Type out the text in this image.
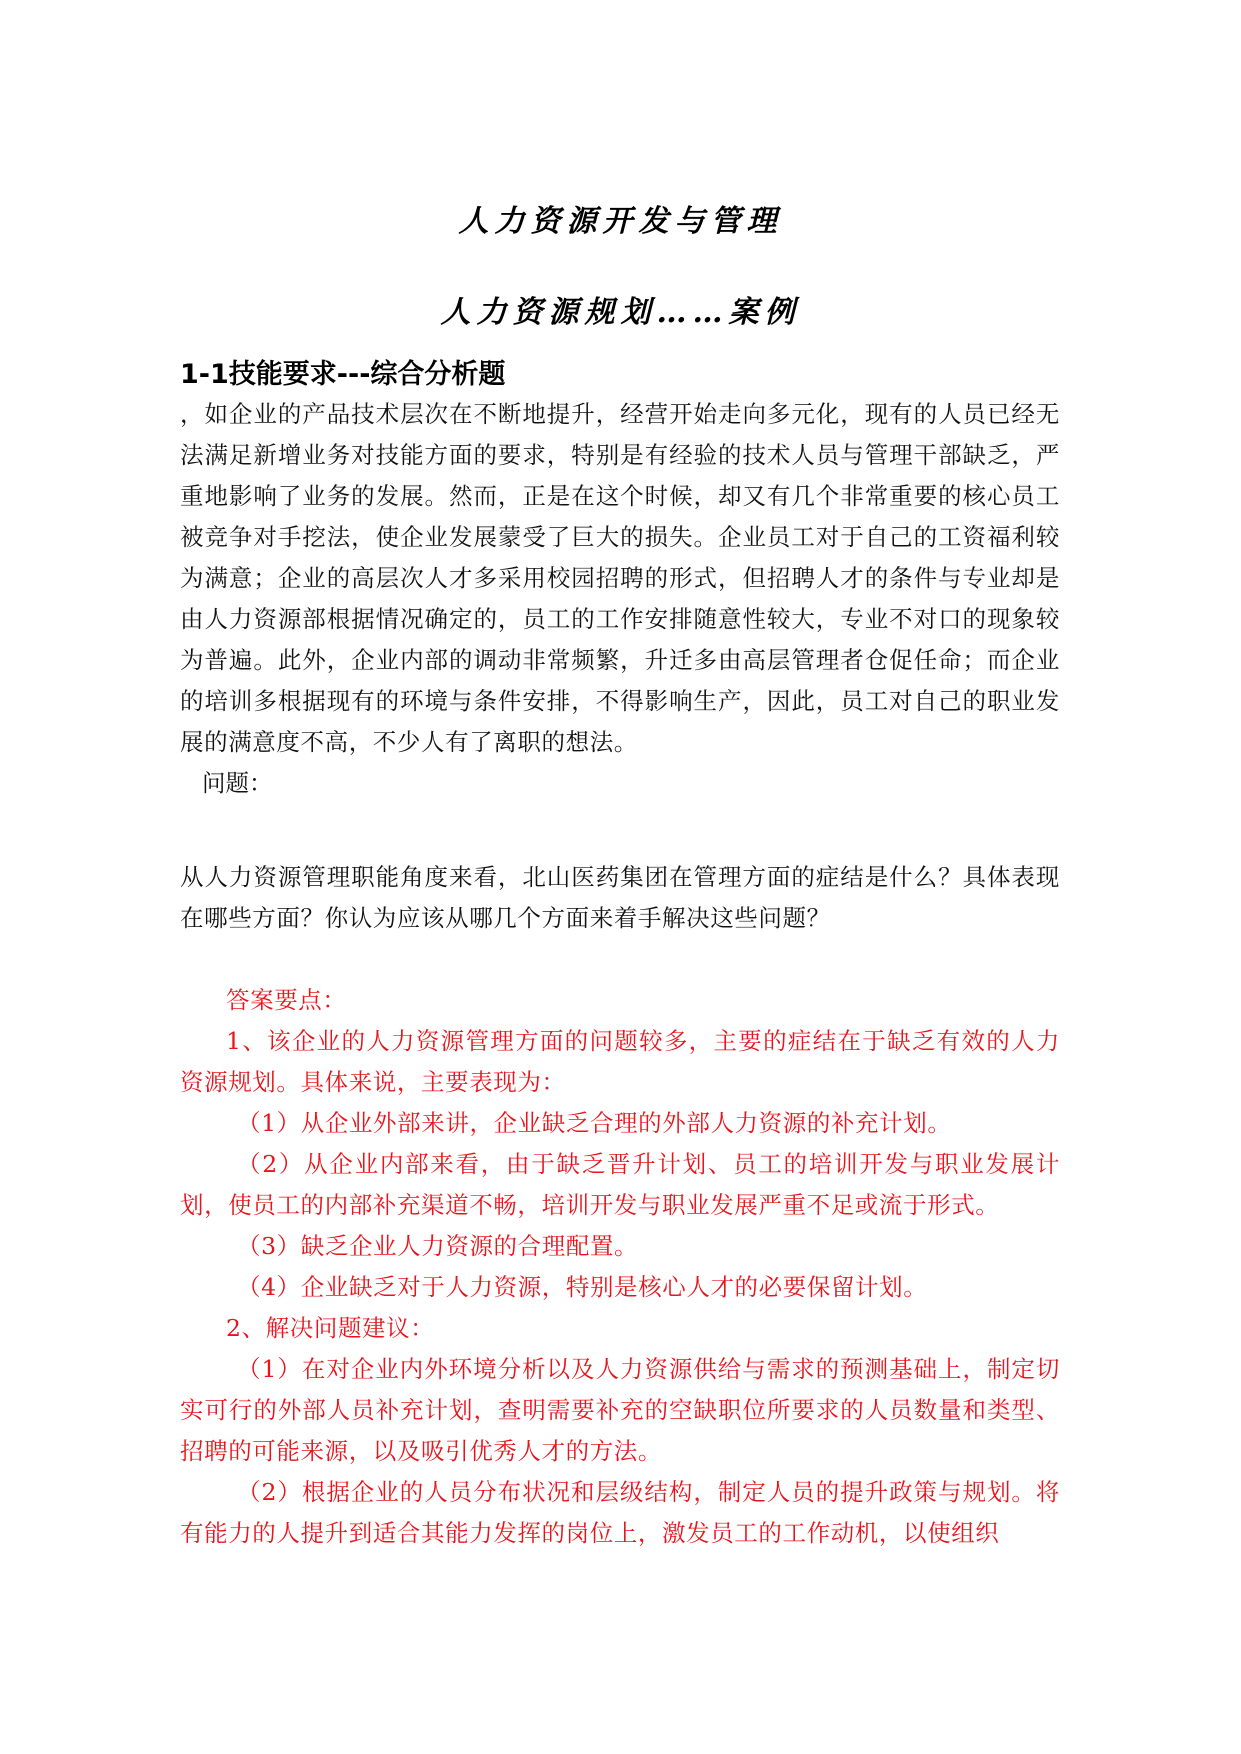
人力资源开发与管理
人力资源规划……案例
1-1技能要求---综合分析题
，如企业的产品技术层次在不断地提升，经营开始走向多元化，现有的人员已经无法满足新增业务对技能方面的要求，特别是有经验的技术人员与管理干部缺乏，严重地影响了业务的发展。然而，正是在这个时候，却又有几个非常重要的核心员工被竞争对手挖法，使企业发展蒙受了巨大的损失。企业员工对于自己的工资福利较为满意；企业的高层次人才多采用校园招聘的形式，但招聘人才的条件与专业却是由人力资源部根据情况确定的，员工的工作安排随意性较大，专业不对口的现象较为普遍。此外，企业内部的调动非常频繁，升迁多由高层管理者仓促任命；而企业的培训多根据现有的环境与条件安排，不得影响生产，因此，员工对自己的职业发展的满意度不高，不少人有了离职的想法。
问题：
从人力资源管理职能角度来看，北山医药集团在管理方面的症结是什么？具体表现在哪些方面？你认为应该从哪几个方面来着手解决这些问题？

答案要点：

1、该企业的人力资源管理方面的问题较多，主要的症结在于缺乏有效的人力资源规划。具体来说，主要表现为：

（1）从企业外部来讲，企业缺乏合理的外部人力资源的补充计划。

（2）从企业内部来看，由于缺乏晋升计划、员工的培训开发与职业发展计划，使员工的内部补充渠道不畅，培训开发与职业发展严重不足或流于形式。

（3）缺乏企业人力资源的合理配置。

（4）企业缺乏对于人力资源，特别是核心人才的必要保留计划。

2、解决问题建议：

（1）在对企业内外环境分析以及人力资源供给与需求的预测基础上，制定切实可行的外部人员补充计划，查明需要补充的空缺职位所要求的人员数量和类型、招聘的可能来源，以及吸引优秀人才的方法。

（2）根据企业的人员分布状况和层级结构，制定人员的提升政策与规划。将有能力的人提升到适合其能力发挥的岗位上，激发员工的工作动机，以使组织
